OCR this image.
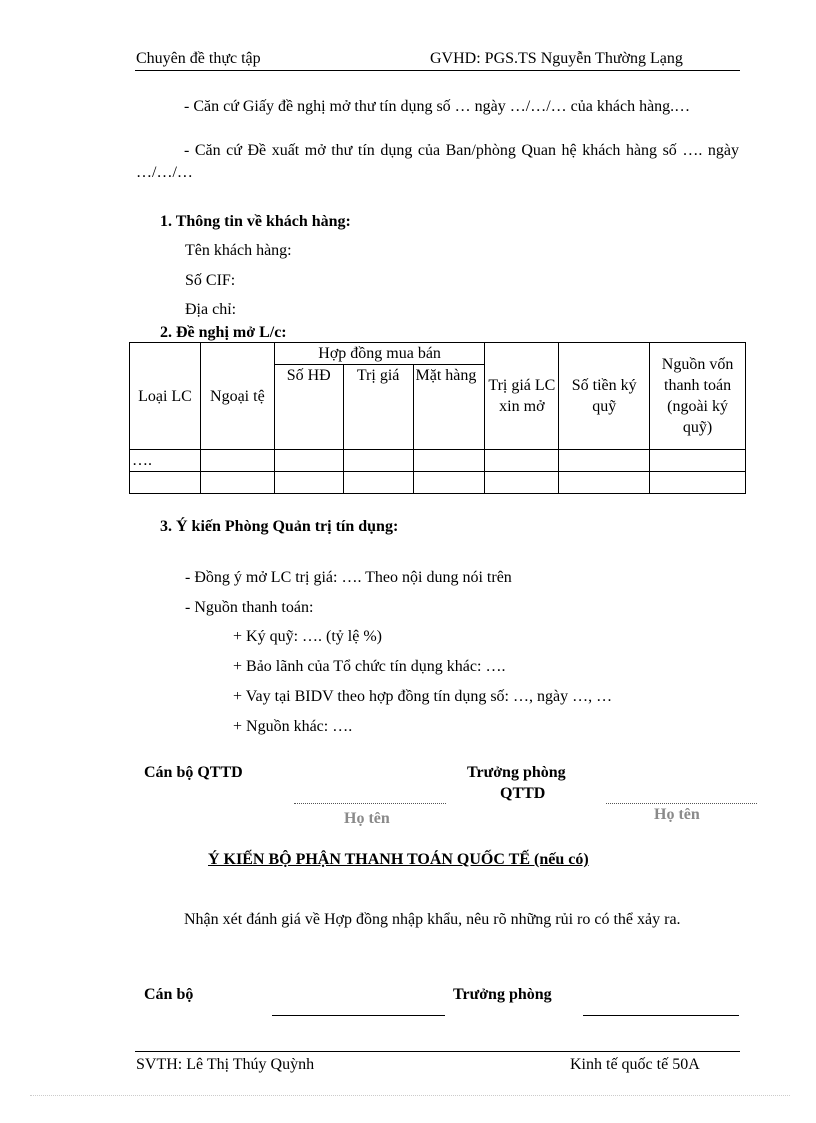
Chuyên đề thực tập	GVHD: PGS.TS Nguyễn Thường Lạng
- Căn cứ Giấy đề nghị mở thư tín dụng số … ngày …/…/… của khách hàng.…
- Căn cứ Đề xuất mở thư tín dụng của Ban/phòng Quan hệ khách hàng số …. ngày …/…/…
1. Thông tin về khách hàng:
Tên khách hàng:
Số CIF:
Địa chỉ:
2. Đề nghị mở L/c:
Loại LC	Ngoại tệ	Hợp đồng mua bán			Trị giá LC xin mở	Số tiền ký quỹ	Nguồn vốn thanh toán (ngoài ký quỹ)
		Số HĐ	Trị giá	Mặt hàng			
….							

3. Ý kiến Phòng Quản trị tín dụng:
- Đồng ý mở LC trị giá: …. Theo nội dung nói trên
- Nguồn thanh toán:
+ Ký quỹ: …. (tỷ lệ %)
+ Bảo lãnh của Tổ chức tín dụng khác: ….
+ Vay tại BIDV theo hợp đồng tín dụng số: …, ngày …, …
+ Nguồn khác: ….
Cán bộ QTTD	Trưởng phòng
QTTD
Họ tên	Họ tên
Ý KIẾN BỘ PHẬN THANH TOÁN QUỐC TẾ (nếu có)
Nhận xét đánh giá về Hợp đồng nhập khẩu, nêu rõ những rủi ro có thể xảy ra.
Cán bộ	Trưởng phòng
SVTH: Lê Thị Thúy Quỳnh	Kinh tế quốc tế 50A
